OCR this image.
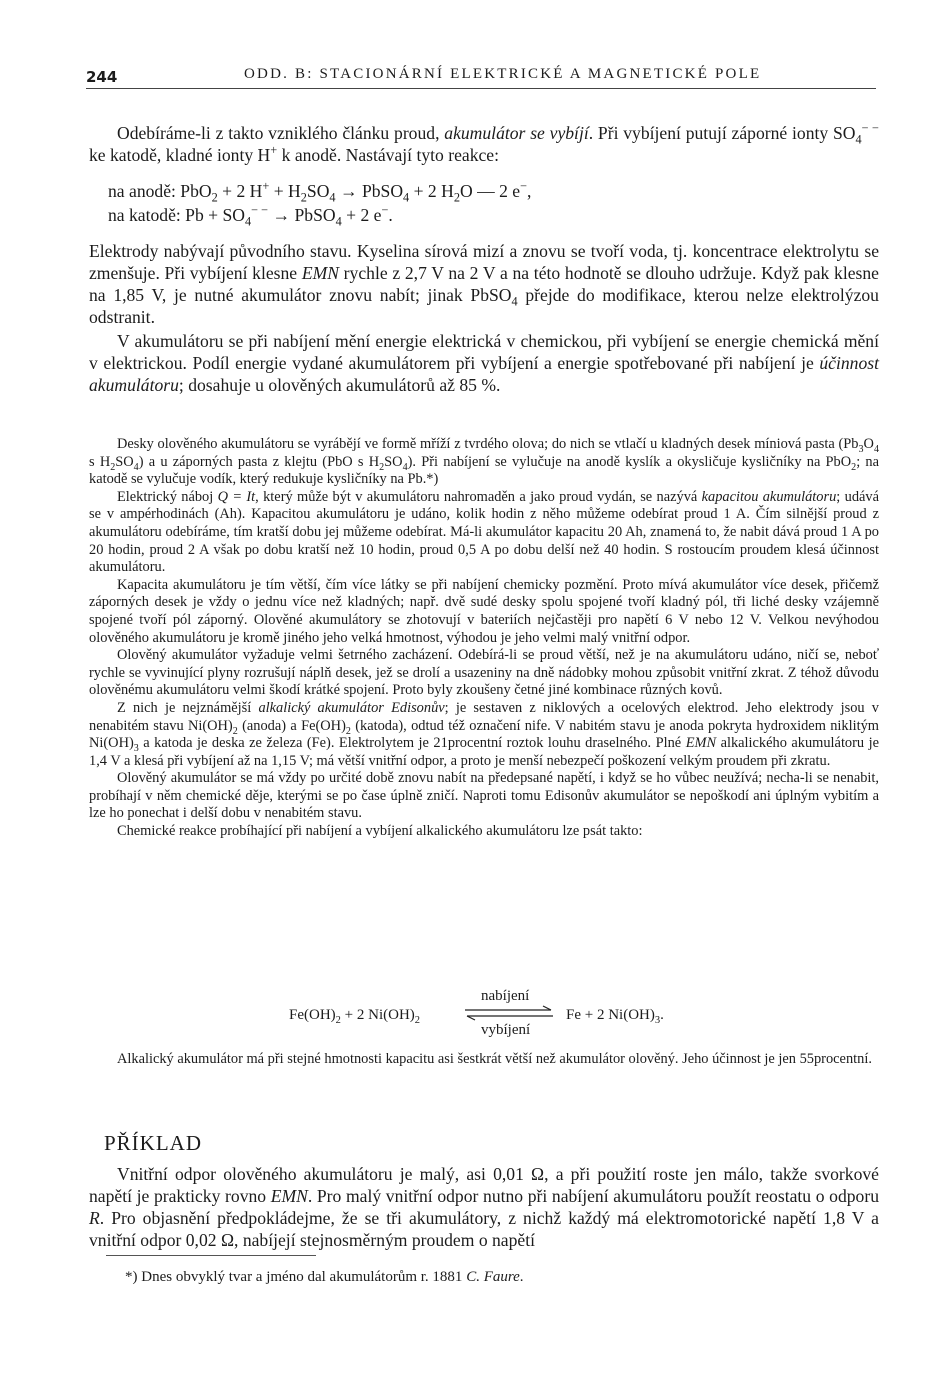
244	ODD. B: STACIONÁRNÍ ELEKTRICKÉ A MAGNETICKÉ POLE
Odebíráme-li z takto vzniklého článku proud, akumulátor se vybíjí. Při vybíjení putují záporné ionty $SO_4^{- -}$ ke katodě, kladné ionty H+ k anodě. Nastávají tyto reakce:
na anodě: PbO$_2$ + 2 $H^+ + H_2SO_4$ → PbSO$_4$ + 2 $H_2O$ — 2 e−,
na katodě: $Pb + SO_4^{- -}$ → PbSO$_4$ + 2 e−.
Elektrody nabývají původního stavu. Kyselina sírová mizí a znovu se tvoří voda, tj. koncentrace elektrolytu se zmenšuje. Při vybíjení klesne EMN rychle z 2,7 V na 2 V a na této hodnotě se dlouho udržuje. Když pak klesne na 1,85 V, je nutné akumulátor znovu nabít; jinak PbSO$_4$ přejde do modifikace, kterou nelze elektrolýzou odstranit.
V akumulátoru se při nabíjení mění energie elektrická v chemickou, při vybíjení se energie chemická mění v elektrickou. Podíl energie vydané akumulátorem při vybíjení a energie spotřebované při nabíjení je účinnost akumulátoru; dosahuje u olověných akumulátorů až 85 %.

Desky olověného akumulátoru se vyrábějí ve formě mříží z tvrdého olova; do nich se vtlačí u kladných desek míniová pasta ($Pb_3O_4$ s $H_2SO_4$) a u záporných pasta z klejtu (PbO s $H_2SO_4$). Při nabíjení se vylučuje na anodě kyslík a okysličuje kysličníky na PbO$_2$; na katodě se vylučuje vodík, který redukuje kysličníky na Pb.*)

Elektrický náboj Q = It, který může být v akumulátoru nahromaděn a jako proud vydán, se nazývá kapacitou akumulátoru; udává se v ampérhodinách (Ah). Kapacitou akumulátoru je udáno, kolik hodin z něho můžeme odebírat proud 1 A. Čím silnější proud z akumulátoru odebíráme, tím kratší dobu jej můžeme odebírat. Má-li akumulátor kapacitu 20 Ah, znamená to, že nabit dává proud 1 A po 20 hodin, proud 2 A však po dobu kratší než 10 hodin, proud 0,5 A po dobu delší než 40 hodin. S rostoucím proudem klesá účinnost akumulátoru.

Kapacita akumulátoru je tím větší, čím více látky se při nabíjení chemicky pozmění. Proto mívá akumulátor více desek, přičemž záporných desek je vždy o jednu více než kladných; např. dvě sudé desky spolu spojené tvoří kladný pól, tři liché desky vzájemně spojené tvoří pól záporný. Olověné akumulátory se zhotovují v bateriích nejčastěji pro napětí 6 V nebo 12 V. Velkou nevýhodou olověného akumulátoru je kromě jiného jeho velká hmotnost, výhodou je jeho velmi malý vnitřní odpor.

Olověný akumulátor vyžaduje velmi šetrného zacházení. Odebírá-li se proud větší, než je na akumulátoru udáno, ničí se, neboť rychle se vyvinující plyny rozrušují náplň desek, jež se drolí a usazeniny na dně nádobky mohou způsobit vnitřní zkrat. Z téhož důvodu olověnému akumulátoru velmi škodí krátké spojení. Proto byly zkoušeny četné jiné kombinace různých kovů.

Z nich je nejznámější alkalický akumulátor Edisonův; je sestaven z niklových a ocelových elektrod. Jeho elektrody jsou v nenabitém stavu $Ni(OH)_2$ (anoda) a $Fe(OH)_2$ (katoda), odtud též označení nife. V nabitém stavu je anoda pokryta hydroxidem niklitým $Ni(OH)_3$ a katoda je deska ze železa (Fe). Elektrolytem je 21procentní roztok louhu draselného. Plné EMN alkalického akumulátoru je 1,4 V a klesá při vybíjení až na 1,15 V; má větší vnitřní odpor, a proto je menší nebezpečí poškození velkým proudem při zkratu.

Olověný akumulátor se má vždy po určité době znovu nabít na předepsané napětí, i když se ho vůbec neužívá; necha-li se nenabit, probíhají v něm chemické děje, kterými se po čase úplně zničí. Naproti tomu Edisonův akumulátor se nepoškodí ani úplným vybitím a lze ho ponechat i delší dobu v nenabitém stavu.

Chemické reakce probíhající při nabíjení a vybíjení alkalického akumulátoru lze psát takto:

$Fe(OH)_2 + 2$ $Ni(OH)_2$
nabíjení
vybíjení
Fe + 2 $Ni(OH)_3$.
Alkalický akumulátor má při stejné hmotnosti kapacitu asi šestkrát větší než akumulátor olověný. Jeho účinnost je jen 55procentní.
PŘÍKLAD
Vnitřní odpor olověného akumulátoru je malý, asi 0,01 Ω, a při použití roste jen málo, takže svorkové napětí je prakticky rovno EMN. Pro malý vnitřní odpor nutno při nabíjení akumulátoru použít reostatu o odporu R. Pro objasnění předpokládejme, že se tři akumulátory, z nichž každý má elektromotorické napětí 1,8 V a vnitřní odpor 0,02 Ω, nabíjejí stejnosměrným proudem o napětí
*) Dnes obvyklý tvar a jméno dal akumulátorům r. 1881 C. Faure.
